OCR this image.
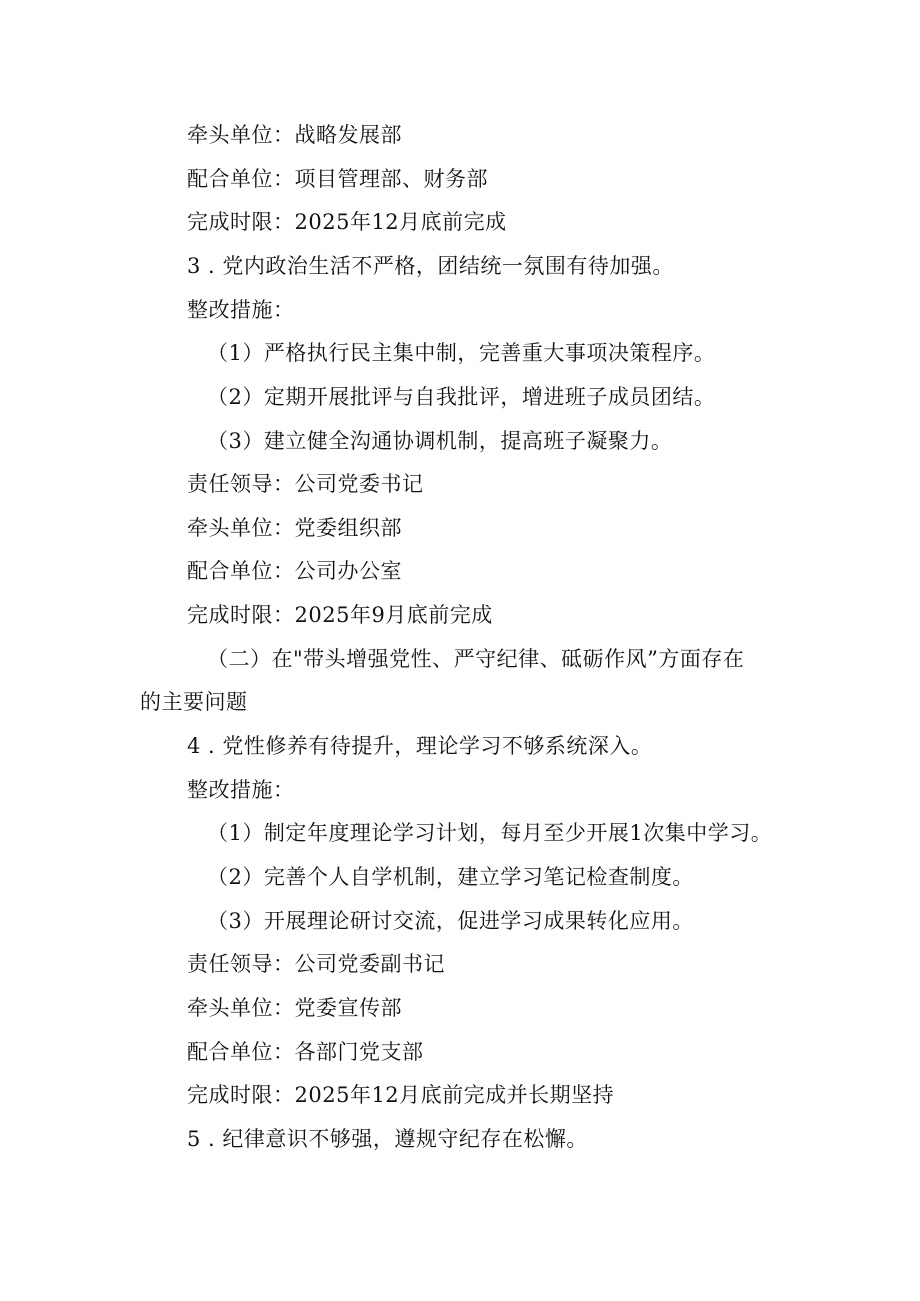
牵头单位：战略发展部
配合单位：项目管理部、财务部
完成时限：2025年12月底前完成
3 . 党内政治生活不严格，团结统一氛围有待加强。
整改措施：
（1）严格执行民主集中制，完善重大事项决策程序。
（2）定期开展批评与自我批评，增进班子成员团结。
（3）建立健全沟通协调机制，提高班子凝聚力。
责任领导：公司党委书记
牵头单位：党委组织部
配合单位：公司办公室
完成时限：2025年9月底前完成
（二）在"带头增强党性、严守纪律、砥砺作风”方面存在
的主要问题
4 . 党性修养有待提升，理论学习不够系统深入。
整改措施：
（1）制定年度理论学习计划，每月至少开展1次集中学习。
（2）完善个人自学机制，建立学习笔记检查制度。
（3）开展理论研讨交流，促进学习成果转化应用。
责任领导：公司党委副书记
牵头单位：党委宣传部
配合单位：各部门党支部
完成时限：2025年12月底前完成并长期坚持
5 . 纪律意识不够强，遵规守纪存在松懈。
